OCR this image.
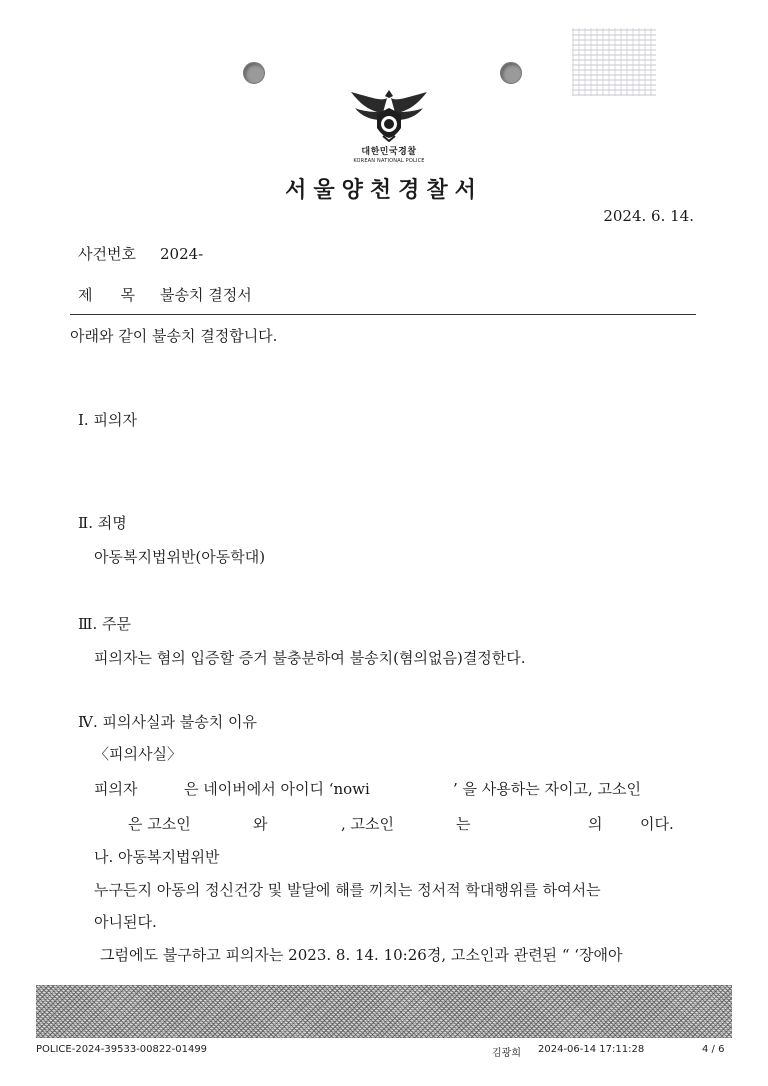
대한민국경찰
KOREAN NATIONAL POLICE
서울양천경찰서
2024. 6. 14.
사건번호 2024-
제목불송치 결정서
아래와 같이 불송치 결정합니다.
Ⅰ. 피의자
Ⅱ. 죄명
아동복지법위반(아동학대)
Ⅲ. 주문
피의자는 혐의 입증할 증거 불충분하여 불송치(혐의없음)결정한다.
Ⅳ. 피의사실과 불송치 이유
〈피의사실〉
피의자	은 네이버에서 아이디 ‘nowi	’ 을 사용하는 자이고, 고소인
은 고소인	와	, 고소인	는	의	이다.
나. 아동복지법위반
누구든지 아동의 정신건강 및 발달에 해를 끼치는 정서적 학대행위를 하여서는
아니된다.
그럼에도 불구하고 피의자는 2023. 8. 14. 10:26경, 고소인과 관련된 “ ‘장애아
POLICE-2024-39533-00822-01499	김광희 2024-06-14 17:11:28	4 / 6
